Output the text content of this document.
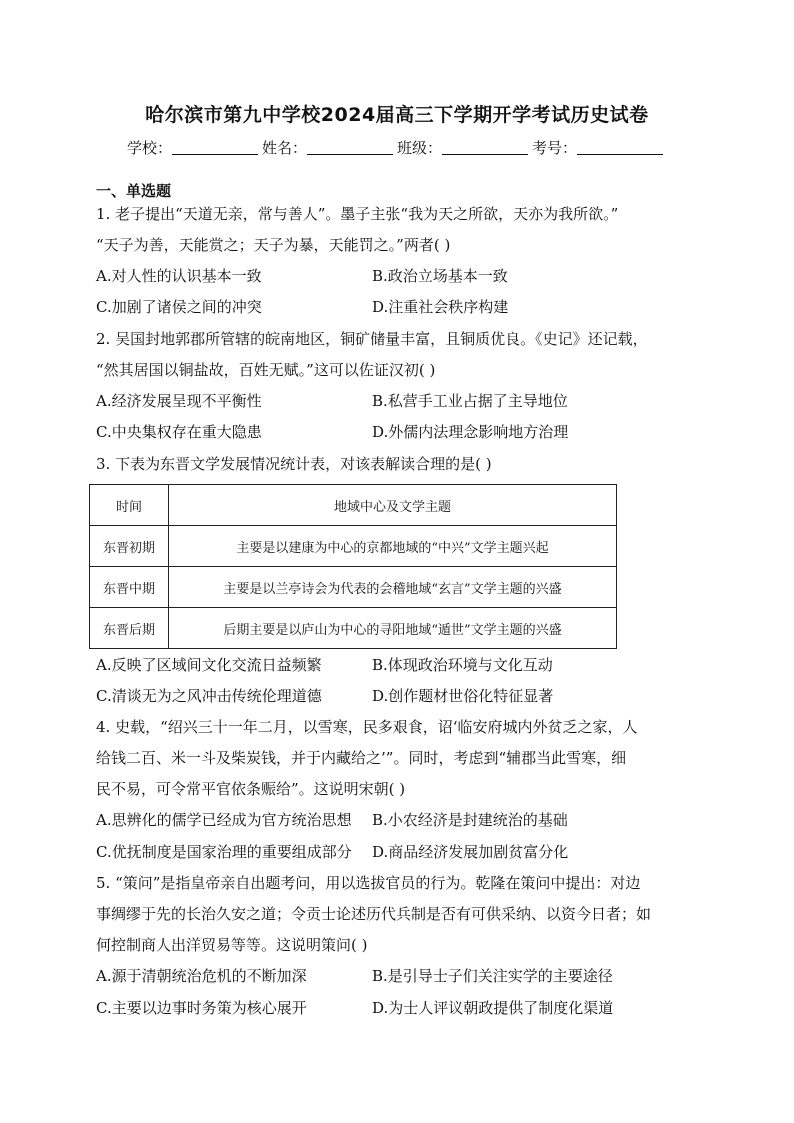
哈尔滨市第九中学校2024届高三下学期开学考试历史试卷
学校：	姓名：	班级：	考号：
一、单选题
1. 老子提出“天道无亲，常与善人”。墨子主张“我为天之所欲，天亦为我所欲。”
“天子为善，天能赏之；天子为暴，天能罚之。”两者( )
A.对人性的认识基本一致	B.政治立场基本一致
C.加剧了诸侯之间的冲突	D.注重社会秩序构建
2. 吴国封地郭郡所管辖的皖南地区，铜矿储量丰富，且铜质优良。《史记》还记载，
“然其居国以铜盐故，百姓无赋。”这可以佐证汉初( )
A.经济发展呈现不平衡性	B.私营手工业占据了主导地位
C.中央集权存在重大隐患	D.外儒内法理念影响地方治理
3. 下表为东晋文学发展情况统计表，对该表解读合理的是( )
时间	地域中心及文学主题
东晋初期	主要是以建康为中心的京都地域的“中兴”文学主题兴起
东晋中期	主要是以兰亭诗会为代表的会稽地域“玄言”文学主题的兴盛
东晋后期	后期主要是以庐山为中心的寻阳地域“遁世”文学主题的兴盛
A.反映了区域间文化交流日益频繁	B.体现政治环境与文化互动
C.清谈无为之风冲击传统伦理道德	D.创作题材世俗化特征显著
4. 史载，“绍兴三十一年二月，以雪寒，民多艰食，诏‘临安府城内外贫乏之家，人
给钱二百、米一斗及柴炭钱，并于内藏给之’”。同时，考虑到“辅郡当此雪寒，细
民不易，可令常平官依条赈给”。这说明宋朝( )
A.思辨化的儒学已经成为官方统治思想 B.小农经济是封建统治的基础
C.优抚制度是国家治理的重要组成部分 D.商品经济发展加剧贫富分化
5. “策问”是指皇帝亲自出题考问，用以选拔官员的行为。乾隆在策问中提出：对边
事绸缪于先的长治久安之道；令贡士论述历代兵制是否有可供采纳、以资今日者；如
何控制商人出洋贸易等等。这说明策问( )
A.源于清朝统治危机的不断加深	B.是引导士子们关注实学的主要途径
C.主要以边事时务策为核心展开	D.为士人评议朝政提供了制度化渠道
